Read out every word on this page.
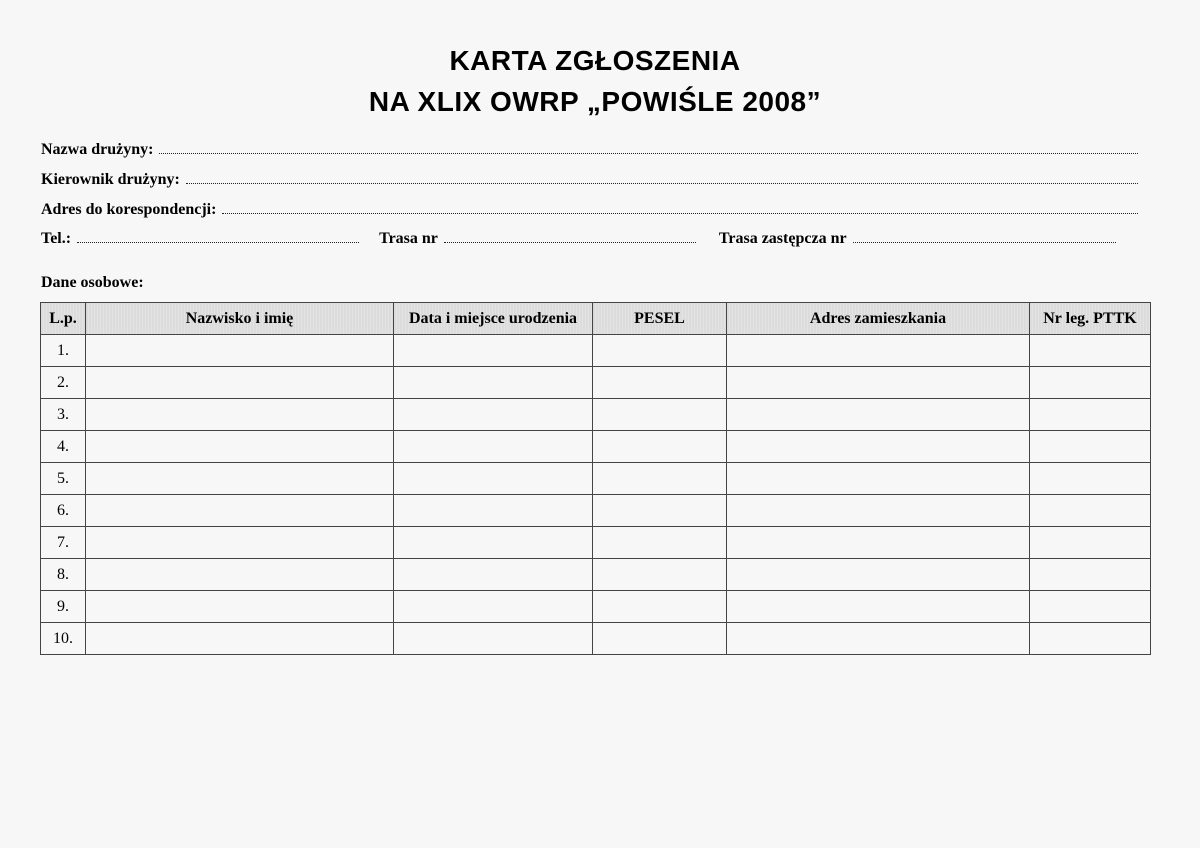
KARTA ZGŁOSZENIA
NA XLIX OWRP „POWIŚLE 2008”
Nazwa drużyny:
Kierownik drużyny:
Adres do korespondencji:
Tel.:	Trasa nr	Trasa zastępcza nr
Dane osobowe:
L.p.	Nazwisko i imię	Data i miejsce urodzenia	PESEL	Adres zamieszkania	Nr leg. PTTK
1.					
2.					
3.					
4.					
5.					
6.					
7.					
8.					
9.					
10.					
